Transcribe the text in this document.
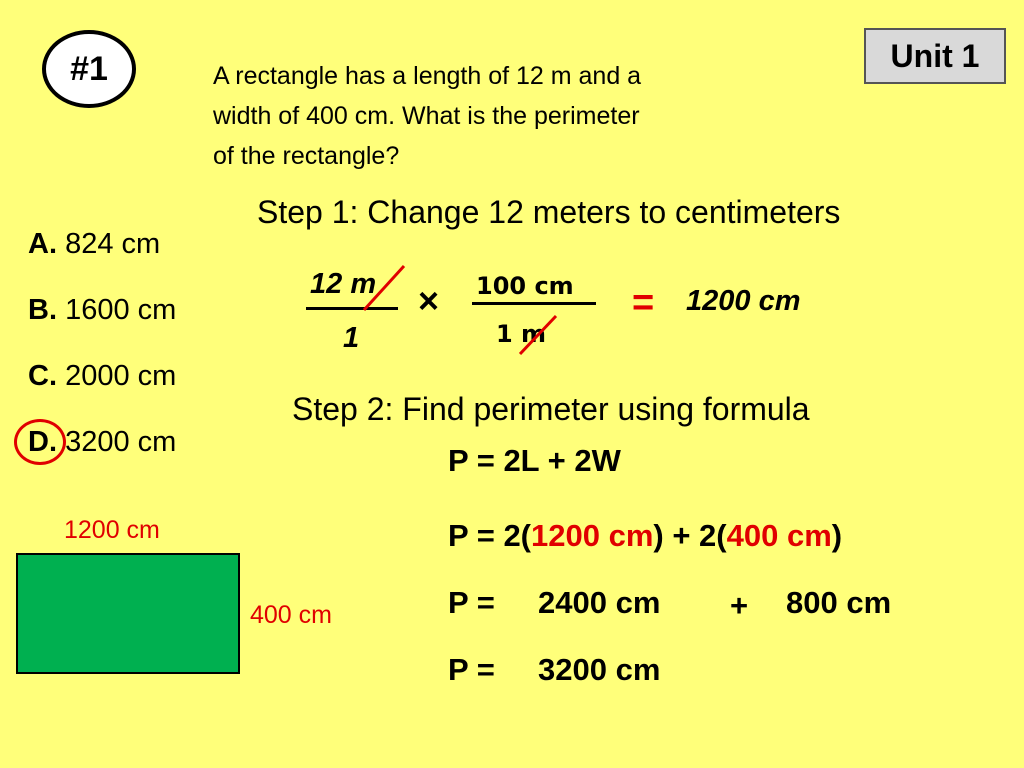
#1	Unit 1
A rectangle has a length of 12 m and a
width of 400 cm. What is the perimeter
of the rectangle?
Step 1: Change 12 meters to centimeters
12 m
1
× 100 cm
1 m
= 1200 cm
A. 824 cm
B. 1600 cm
C. 2000 cm
D. 3200 cm
Step 2: Find perimeter using formula
P = 2L + 2W
P = 2(1200 cm) + 2(400 cm)
P = 2400 cm + 800 cm
P = 3200 cm
1200 cm
400 cm
